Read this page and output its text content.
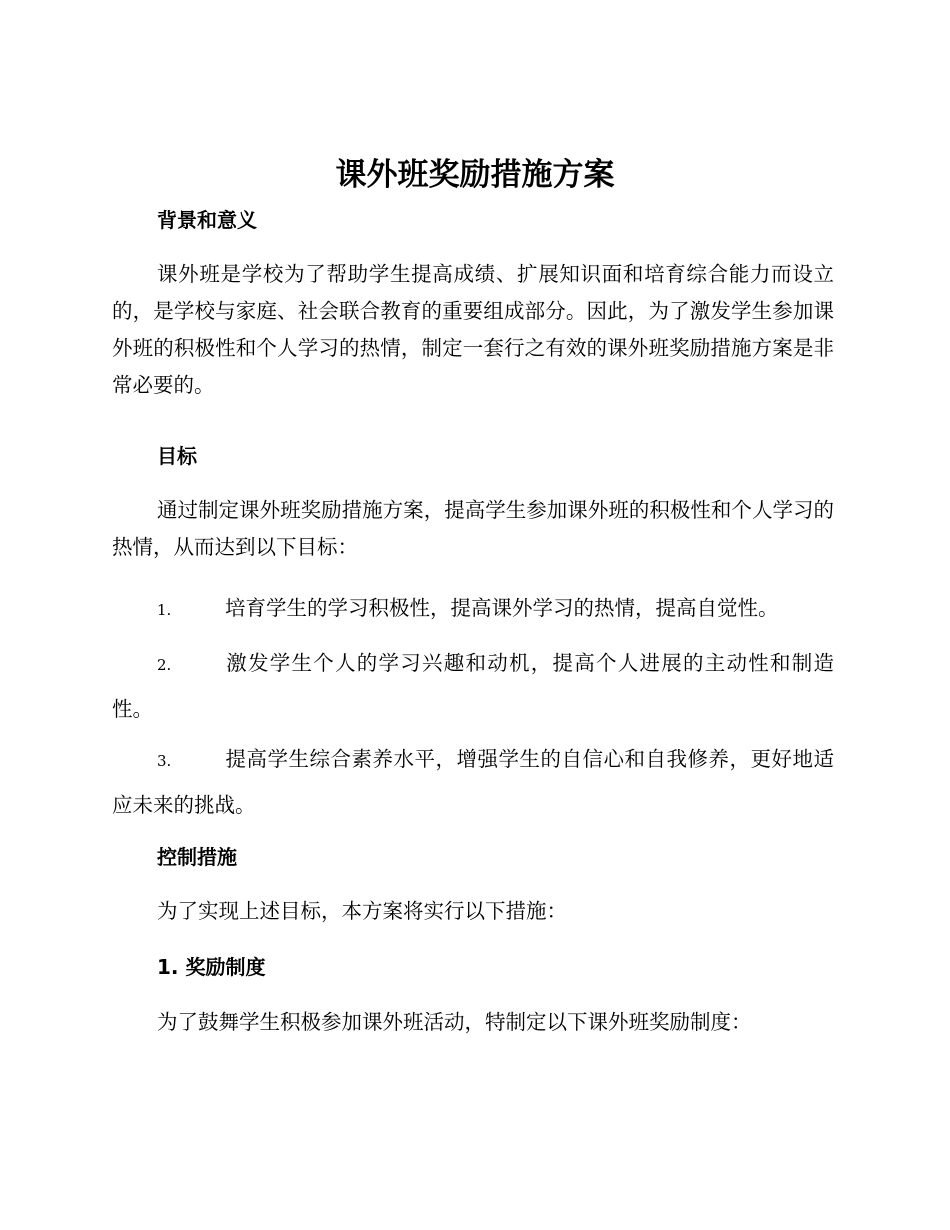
课外班奖励措施方案
背景和意义

课外班是学校为了帮助学生提高成绩、扩展知识面和培育综合能力而设立的，是学校与家庭、社会联合教育的重要组成部分。因此，为了激发学生参加课外班的积极性和个人学习的热情，制定一套行之有效的课外班奖励措施方案是非常必要的。

目标

通过制定课外班奖励措施方案，提高学生参加课外班的积极性和个人学习的热情，从而达到以下目标：

1.	培育学生的学习积极性，提高课外学习的热情，提高自觉性。

2.	激发学生个人的学习兴趣和动机，提高个人进展的主动性和制造性。

3.	提高学生综合素养水平，增强学生的自信心和自我修养，更好地适应未来的挑战。

控制措施

为了实现上述目标，本方案将实行以下措施：

1. 奖励制度

为了鼓舞学生积极参加课外班活动，特制定以下课外班奖励制度：
